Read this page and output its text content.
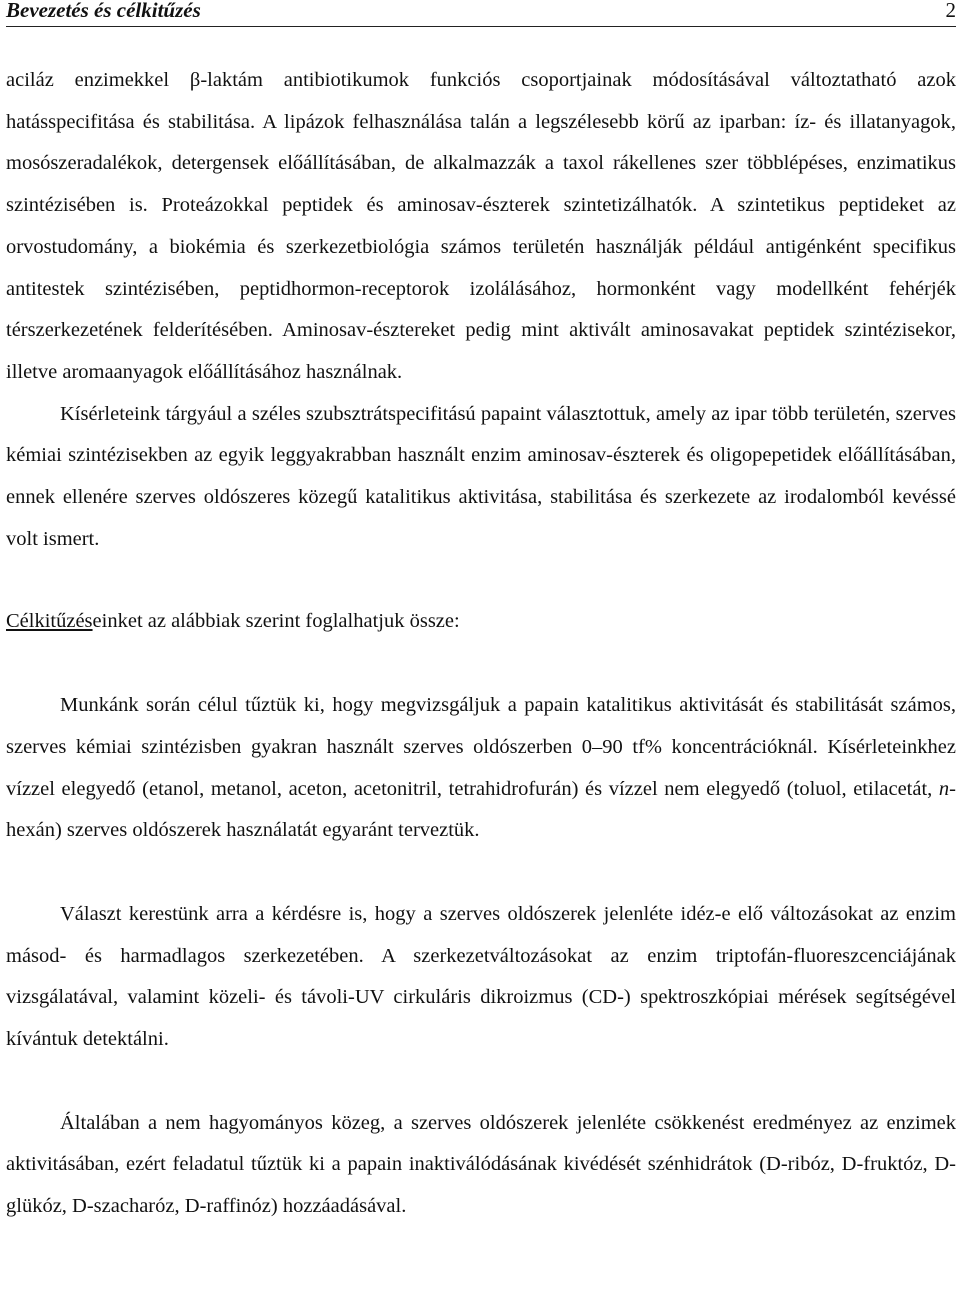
Bevezetés és célkitűzés	2

aciláz enzimekkel β-laktám antibiotikumok funkciós csoportjainak módosításával változtatható azok hatásspecifitása és stabilitása. A lipázok felhasználása talán a legszélesebb körű az iparban: íz- és illatanyagok, mosószeradalékok, detergensek előállításában, de alkalmazzák a taxol rákellenes szer többlépéses, enzimatikus szintézisében is. Proteázokkal peptidek és aminosav-észterek szintetizálhatók. A szintetikus peptideket az orvostudomány, a biokémia és szerkezetbiológia számos területén használják például antigénként specifikus antitestek szintézisében, peptidhormon-receptorok izolálásához, hormonként vagy modellként fehérjék térszerkezetének felderítésében. Aminosav-észtereket pedig mint aktivált aminosavakat peptidek szintézisekor, illetve aromaanyagok előállításához használnak.

Kísérleteink tárgyául a széles szubsztrátspecifitású papaint választottuk, amely az ipar több területén, szerves kémiai szintézisekben az egyik leggyakrabban használt enzim aminosav-észterek és oligopepetidek előállításában, ennek ellenére szerves oldószeres közegű katalitikus aktivitása, stabilitása és szerkezete az irodalomból kevéssé volt ismert.

Célkitűzéseinket az alábbiak szerint foglalhatjuk össze:

Munkánk során célul tűztük ki, hogy megvizsgáljuk a papain katalitikus aktivitását és stabilitását számos, szerves kémiai szintézisben gyakran használt szerves oldószerben 0–90 tf% koncentrációknál. Kísérleteinkhez vízzel elegyedő (etanol, metanol, aceton, acetonitril, tetrahidrofurán) és vízzel nem elegyedő (toluol, etilacetát, n-hexán) szerves oldószerek használatát egyaránt terveztük.

Választ kerestünk arra a kérdésre is, hogy a szerves oldószerek jelenléte idéz-e elő változásokat az enzim másod- és harmadlagos szerkezetében. A szerkezetváltozásokat az enzim triptofán-fluoreszcenciájának vizsgálatával, valamint közeli- és távoli-UV cirkuláris dikroizmus (CD-) spektroszkópiai mérések segítségével kívántuk detektálni.

Általában a nem hagyományos közeg, a szerves oldószerek jelenléte csökkenést eredményez az enzimek aktivitásában, ezért feladatul tűztük ki a papain inaktiválódásának kivédését szénhidrátok (D-ribóz, D-fruktóz, D-glükóz, D-szacharóz, D-raffinóz) hozzáadásával.
